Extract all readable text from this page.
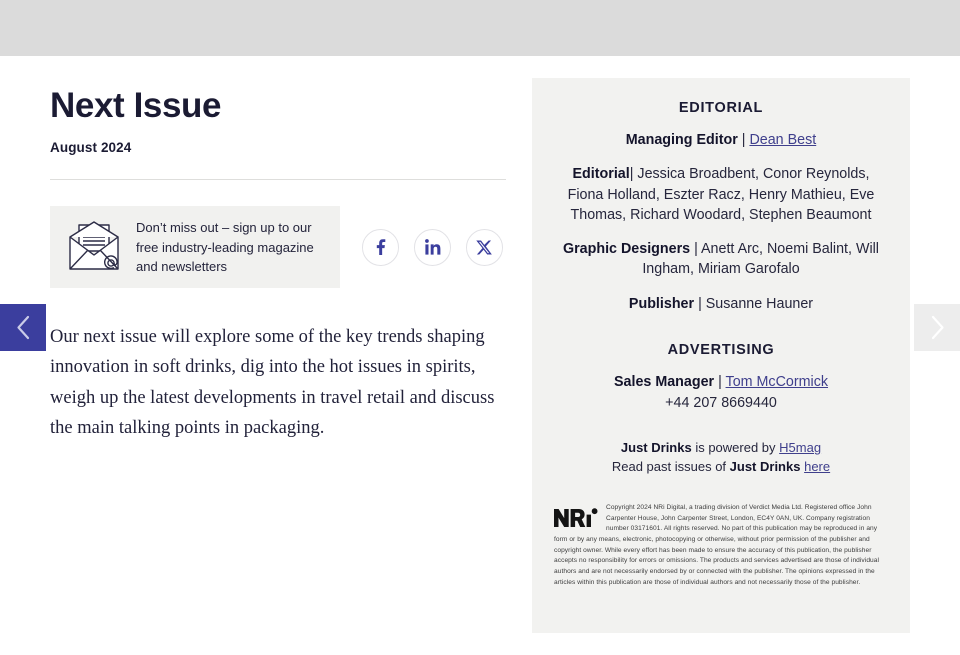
Next Issue
August 2024
Don’t miss out – sign up to our free industry-leading magazine and newsletters

Our next issue will explore some of the key trends shaping innovation in soft drinks, dig into the hot issues in spirits, weigh up the latest developments in travel retail and discuss the main talking points in packaging.

EDITORIAL
Managing Editor | Dean Best
Editorial| Jessica Broadbent, Conor Reynolds, Fiona Holland, Eszter Racz, Henry Mathieu, Eve Thomas, Richard Woodard, Stephen Beaumont
Graphic Designers | Anett Arc, Noemi Balint, Will Ingham, Miriam Garofalo
Publisher | Susanne Hauner
ADVERTISING
Sales Manager | Tom McCormick
+44 207 8669440
Just Drinks is powered by H5mag
Read past issues of Just Drinks here
Copyright 2024 NRi Digital, a trading division of Verdict Media Ltd. Registered office John Carpenter House, John Carpenter Street, London, EC4Y 0AN, UK. Company registration number 03171601. All rights reserved. No part of this publication may be reproduced in any form or by any means, electronic, photocopying or otherwise, without prior permission of the publisher and copyright owner. While every effort has been made to ensure the accuracy of this publication, the publisher accepts no responsibility for errors or omissions. The products and services advertised are those of individual authors and are not necessarily endorsed by or connected with the publisher. The opinions expressed in the articles within this publication are those of individual authors and not necessarily those of the publisher.
